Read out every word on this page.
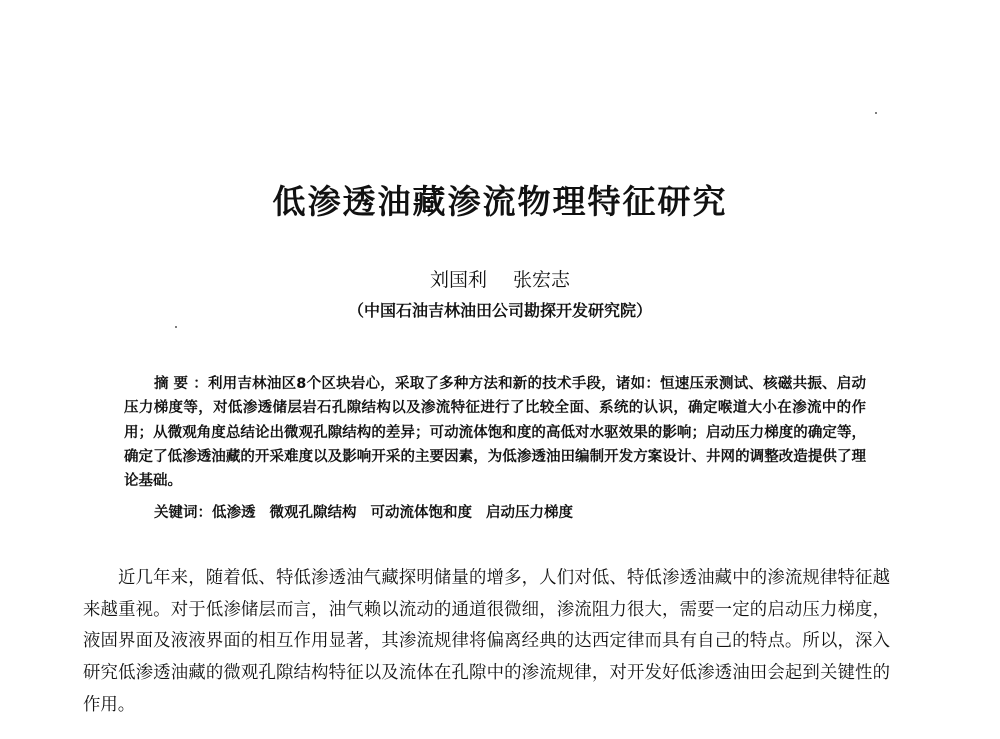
低渗透油藏渗流物理特征研究
刘国利 张宏志
（中国石油吉林油田公司勘探开发研究院）

摘要：利用吉林油区8个区块岩心，采取了多种方法和新的技术手段，诸如：恒速压汞测试、核磁共振、启动压力梯度等，对低渗透储层岩石孔隙结构以及渗流特征进行了比较全面、系统的认识，确定喉道大小在渗流中的作用；从微观角度总结论出微观孔隙结构的差异；可动流体饱和度的高低对水驱效果的影响；启动压力梯度的确定等，确定了低渗透油藏的开采难度以及影响开采的主要因素，为低渗透油田编制开发方案设计、井网的调整改造提供了理论基础。

关键词：低渗透 微观孔隙结构 可动流体饱和度 启动压力梯度

近几年来，随着低、特低渗透油气藏探明储量的增多，人们对低、特低渗透油藏中的渗流规律特征越来越重视。对于低渗储层而言，油气赖以流动的通道很微细，渗流阻力很大，需要一定的启动压力梯度，液固界面及液液界面的相互作用显著，其渗流规律将偏离经典的达西定律而具有自己的特点。所以，深入研究低渗透油藏的微观孔隙结构特征以及流体在孔隙中的渗流规律，对开发好低渗透油田会起到关键性的作用。
